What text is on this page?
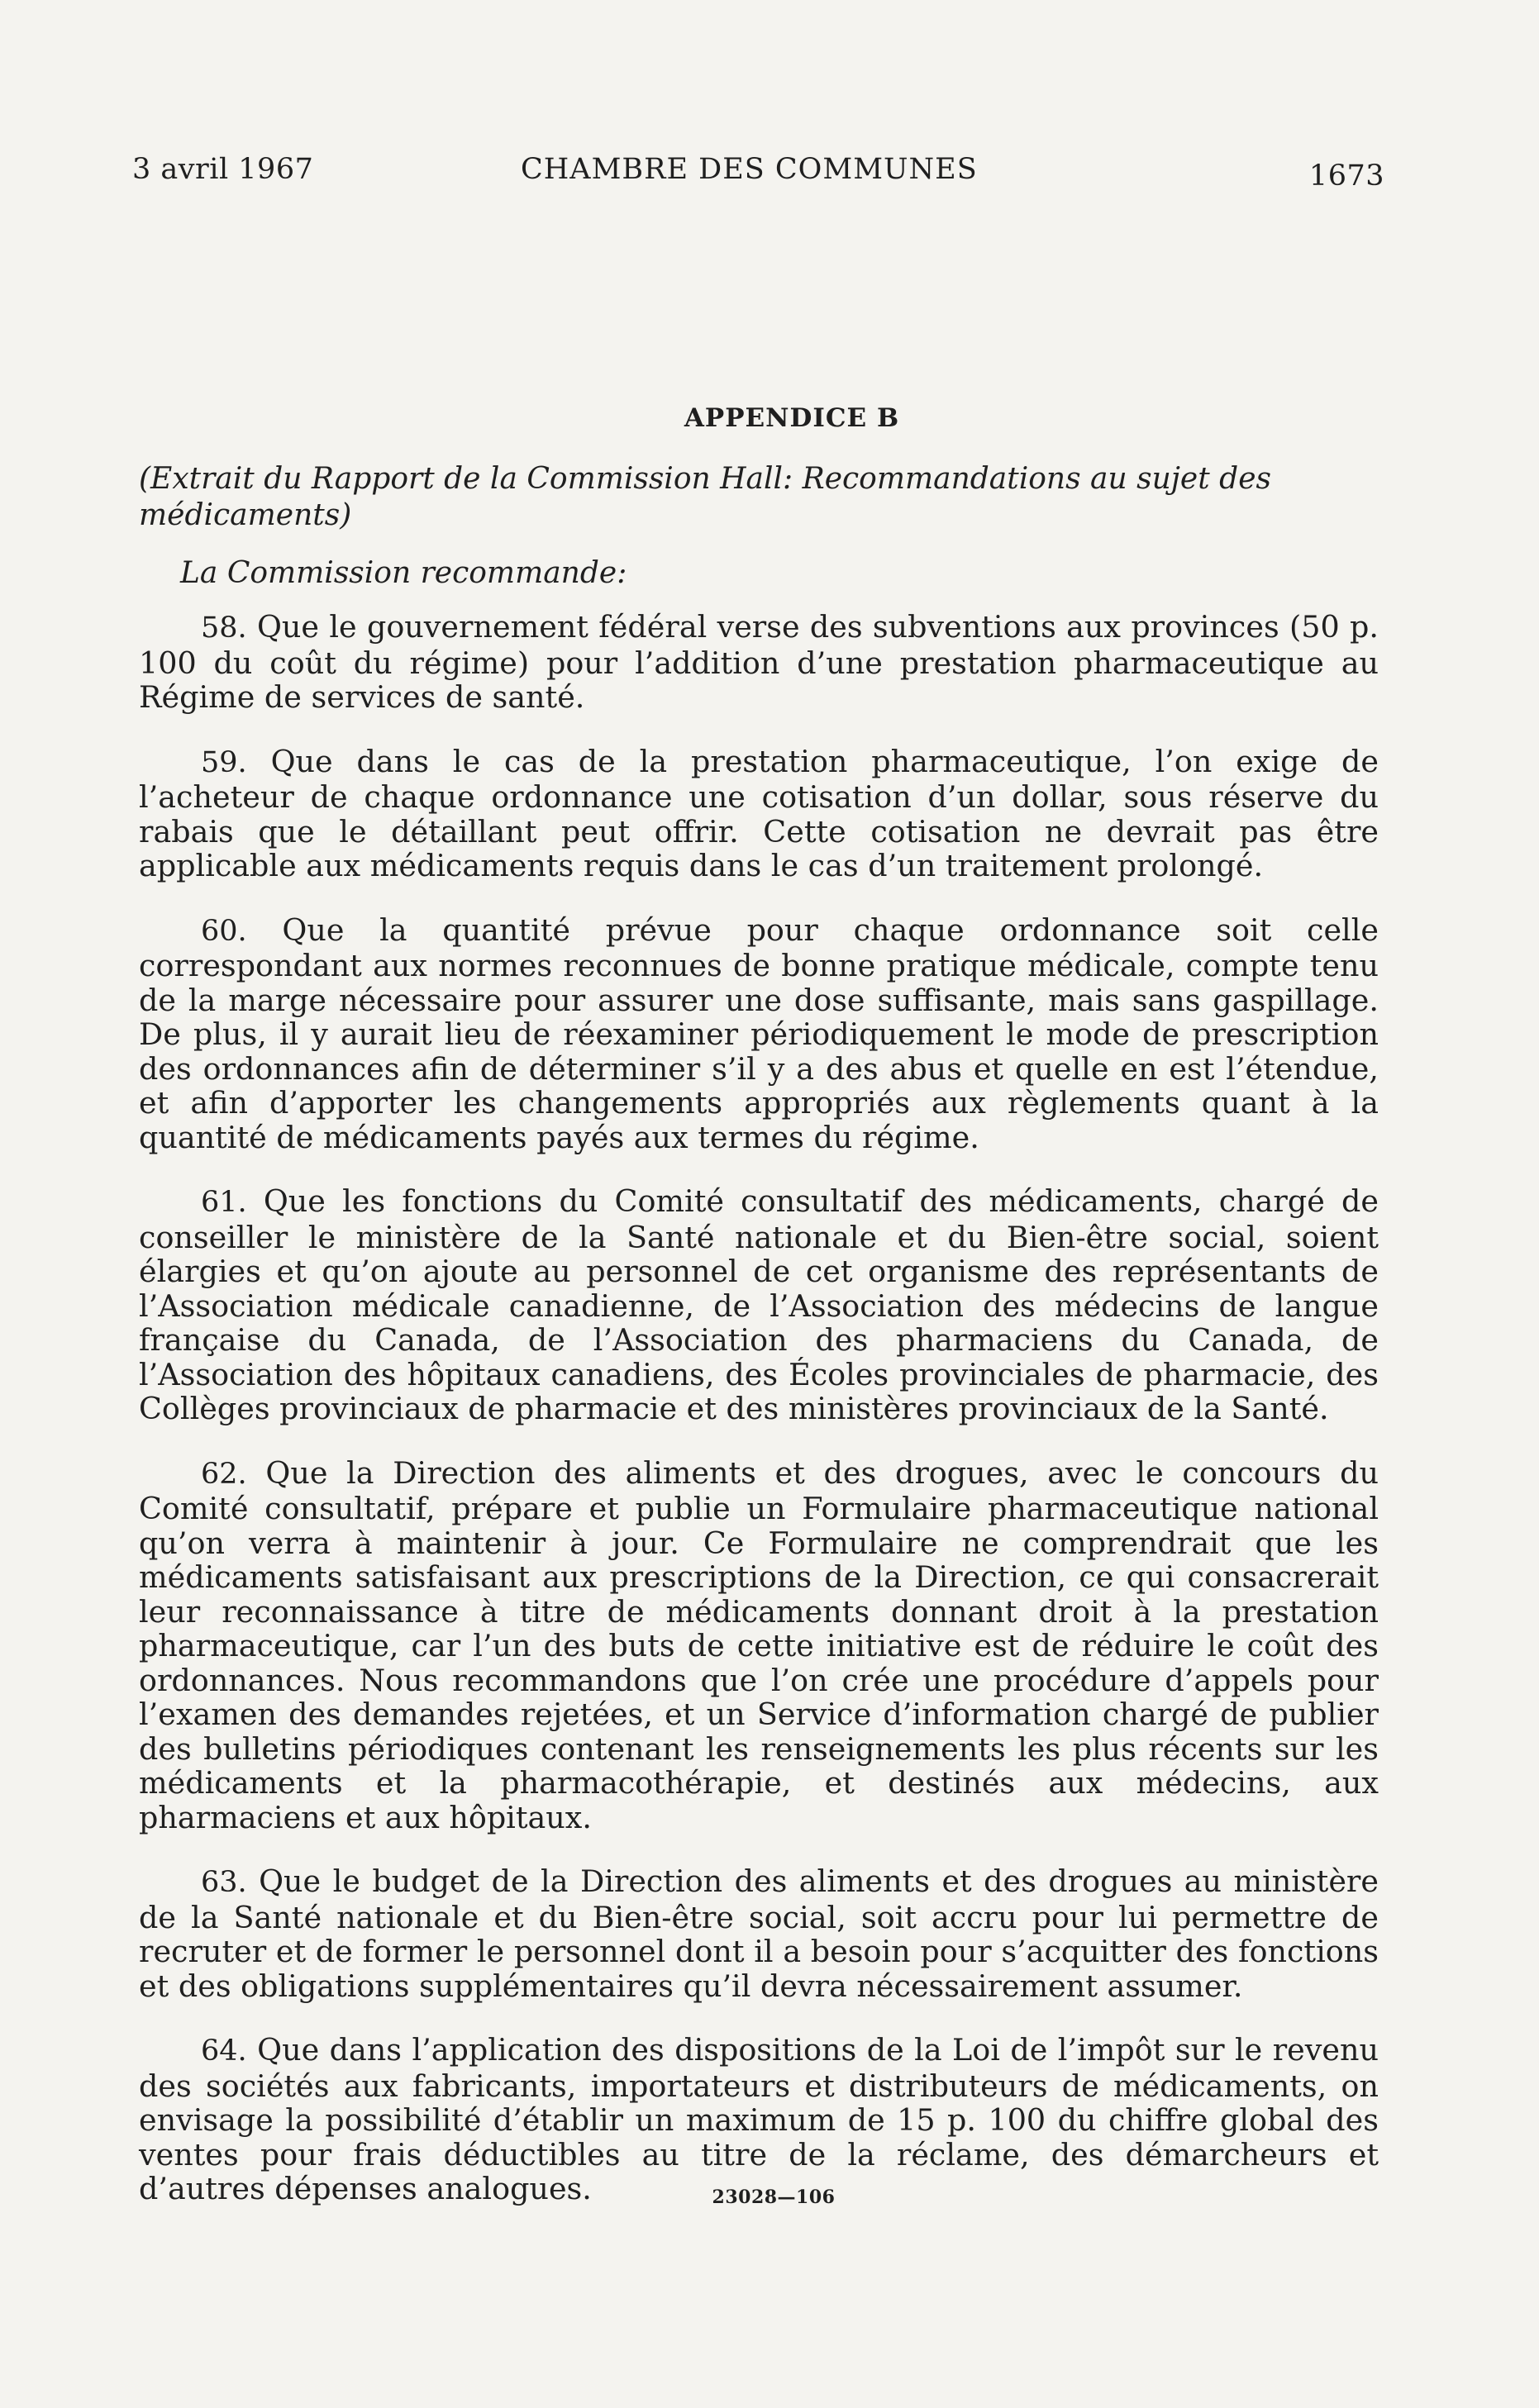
3 avril 1967	CHAMBRE DES COMMUNES	1673
APPENDICE B
(Extrait du Rapport de la Commission Hall: Recommandations au sujet des médicaments)
La Commission recommande:

58. Que le gouvernement fédéral verse des subventions aux provinces (50 p. 100 du coût du régime) pour l’addition d’une prestation pharmaceutique au Régime de services de santé.

59. Que dans le cas de la prestation pharmaceutique, l’on exige de l’acheteur de chaque ordonnance une cotisation d’un dollar, sous réserve du rabais que le détaillant peut offrir. Cette cotisation ne devrait pas être applicable aux médicaments requis dans le cas d’un traitement prolongé.

60. Que la quantité prévue pour chaque ordonnance soit celle correspondant aux normes reconnues de bonne pratique médicale, compte tenu de la marge nécessaire pour assurer une dose suffisante, mais sans gaspillage. De plus, il y aurait lieu de réexaminer périodiquement le mode de prescription des ordonnances afin de déterminer s’il y a des abus et quelle en est l’étendue, et afin d’apporter les changements appropriés aux règlements quant à la quantité de médicaments payés aux termes du régime.

61. Que les fonctions du Comité consultatif des médicaments, chargé de conseiller le ministère de la Santé nationale et du Bien-être social, soient élargies et qu’on ajoute au personnel de cet organisme des représentants de l’Association médicale canadienne, de l’Association des médecins de langue française du Canada, de l’Association des pharmaciens du Canada, de l’Association des hôpitaux canadiens, des Écoles provinciales de pharmacie, des Collèges provinciaux de pharmacie et des ministères provinciaux de la Santé.

62. Que la Direction des aliments et des drogues, avec le concours du Comité consultatif, prépare et publie un Formulaire pharmaceutique national qu’on verra à maintenir à jour. Ce Formulaire ne comprendrait que les médicaments satisfaisant aux prescriptions de la Direction, ce qui consacrerait leur reconnaissance à titre de médicaments donnant droit à la prestation pharmaceutique, car l’un des buts de cette initiative est de réduire le coût des ordonnances. Nous recommandons que l’on crée une procédure d’appels pour l’examen des demandes rejetées, et un Service d’information chargé de publier des bulletins périodiques contenant les renseignements les plus récents sur les médicaments et la pharmacothérapie, et destinés aux médecins, aux pharmaciens et aux hôpitaux.

63. Que le budget de la Direction des aliments et des drogues au ministère de la Santé nationale et du Bien-être social, soit accru pour lui permettre de recruter et de former le personnel dont il a besoin pour s’acquitter des fonctions et des obligations supplémentaires qu’il devra nécessairement assumer.

64. Que dans l’application des dispositions de la Loi de l’impôt sur le revenu des sociétés aux fabricants, importateurs et distributeurs de médicaments, on envisage la possibilité d’établir un maximum de 15 p. 100 du chiffre global des ventes pour frais déductibles au titre de la réclame, des démarcheurs et d’autres dépenses analogues.	23028—106
